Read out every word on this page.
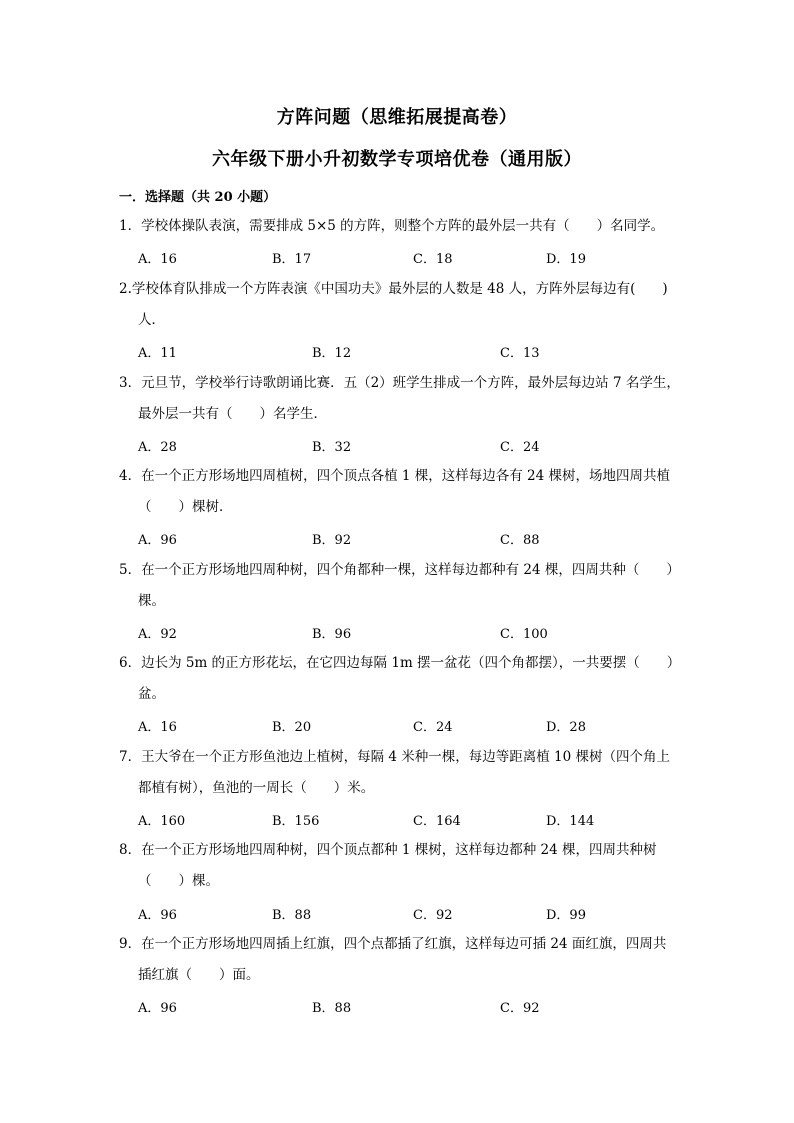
方阵问题（思维拓展提高卷）
六年级下册小升初数学专项培优卷（通用版）
一．选择题（共 20 小题）
1．学校体操队表演，需要排成 5×5 的方阵，则整个方阵的最外层一共有（　　）名同学。
A．16	B．17	C．18	D．19
2.学校体育队排成一个方阵表演《中国功夫》最外层的人数是 48 人，方阵外层每边有(　　)
人．
A．11	B．12	C．13
3．元旦节，学校举行诗歌朗诵比赛．五（2）班学生排成一个方阵，最外层每边站 7 名学生，
最外层一共有（　　）名学生．
A．28	B．32	C．24
4．在一个正方形场地四周植树，四个顶点各植 1 棵，这样每边各有 24 棵树，场地四周共植
（　　）棵树．
A．96	B．92	C．88
5．在一个正方形场地四周种树，四个角都种一棵，这样每边都种有 24 棵，四周共种（　　）
棵。
A．92	B．96	C．100
6．边长为 5m 的正方形花坛，在它四边每隔 1m 摆一盆花（四个角都摆），一共要摆（　　）
盆。
A．16	B．20	C．24	D．28
7．王大爷在一个正方形鱼池边上植树，每隔 4 米种一棵，每边等距离植 10 棵树（四个角上
都植有树），鱼池的一周长（　　）米。
A．160	B．156	C．164	D．144
8．在一个正方形场地四周种树，四个顶点都种 1 棵树，这样每边都种 24 棵，四周共种树
（　　）棵。
A．96	B．88	C．92	D．99
9．在一个正方形场地四周插上红旗，四个点都插了红旗，这样每边可插 24 面红旗，四周共
插红旗（　　）面。
A．96	B．88	C．92
